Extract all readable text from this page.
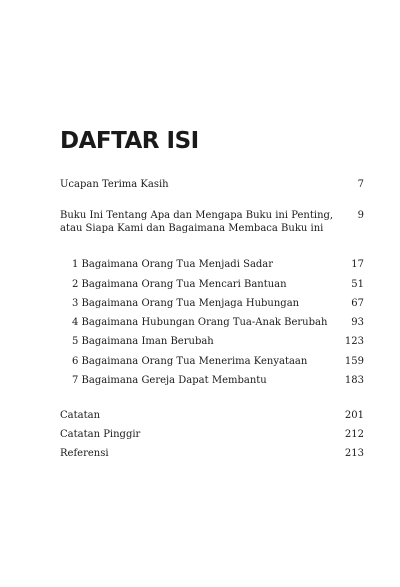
DAFTAR ISI
Ucapan Terima Kasih	7
Buku Ini Tentang Apa dan Mengapa Buku ini Penting,
atau Siapa Kami dan Bagaimana Membaca Buku ini
9
1 Bagaimana Orang Tua Menjadi Sadar	17
2 Bagaimana Orang Tua Mencari Bantuan	51
3 Bagaimana Orang Tua Menjaga Hubungan	67
4 Bagaimana Hubungan Orang Tua-Anak Berubah	93
5 Bagaimana Iman Berubah	123
6 Bagaimana Orang Tua Menerima Kenyataan	159
7 Bagaimana Gereja Dapat Membantu	183
Catatan	201
Catatan Pinggir	212
Referensi	213
